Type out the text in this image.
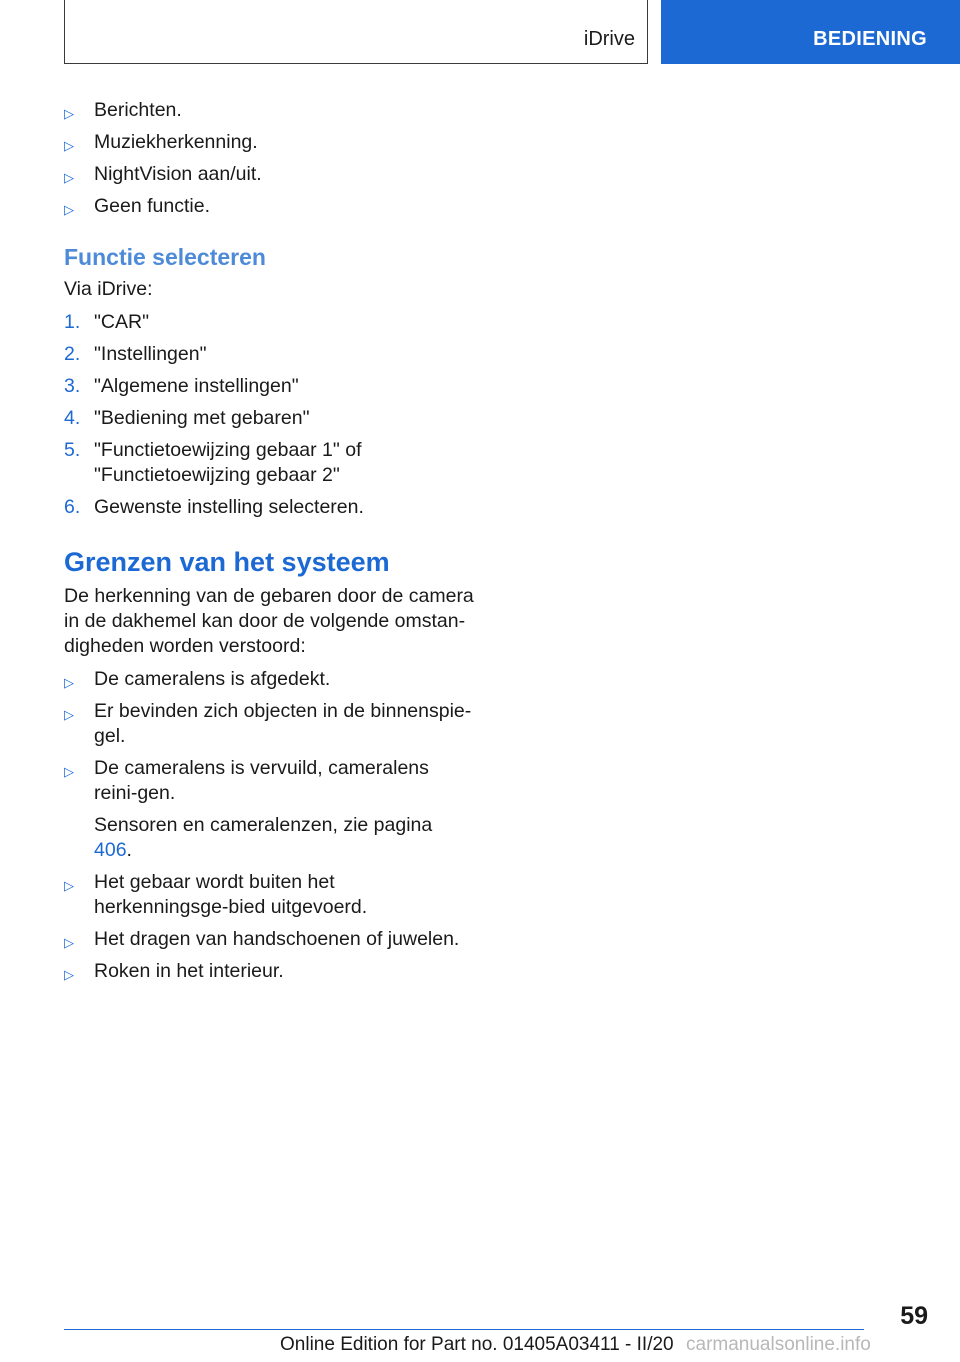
iDrive	BEDIENING
▷ Berichten.
▷ Muziekherkenning.
▷ NightVision aan/uit.
▷ Geen functie.
Functie selecteren

Via iDrive:

1. "CAR"
2. "Instellingen"
3. "Algemene instellingen"
4. "Bediening met gebaren"
5. "Functietoewijzing gebaar 1" of "Functietoewijzing gebaar 2"
6. Gewenste instelling selecteren.
Grenzen van het systeem

De herkenning van de gebaren door de camera in de dakhemel kan door de volgende omstan-digheden worden verstoord:

▷ De cameralens is afgedekt.
▷ Er bevinden zich objecten in de binnenspie-gel.
▷ De cameralens is vervuild, cameralens reini-gen.
Sensoren en cameralenzen, zie pagina 406.
▷ Het gebaar wordt buiten het herkenningsge-bied uitgevoerd.
▷ Het dragen van handschoenen of juwelen.
▷ Roken in het interieur.
59
Online Edition for Part no. 01405A03411 - II/20 carmanualsonline.info
